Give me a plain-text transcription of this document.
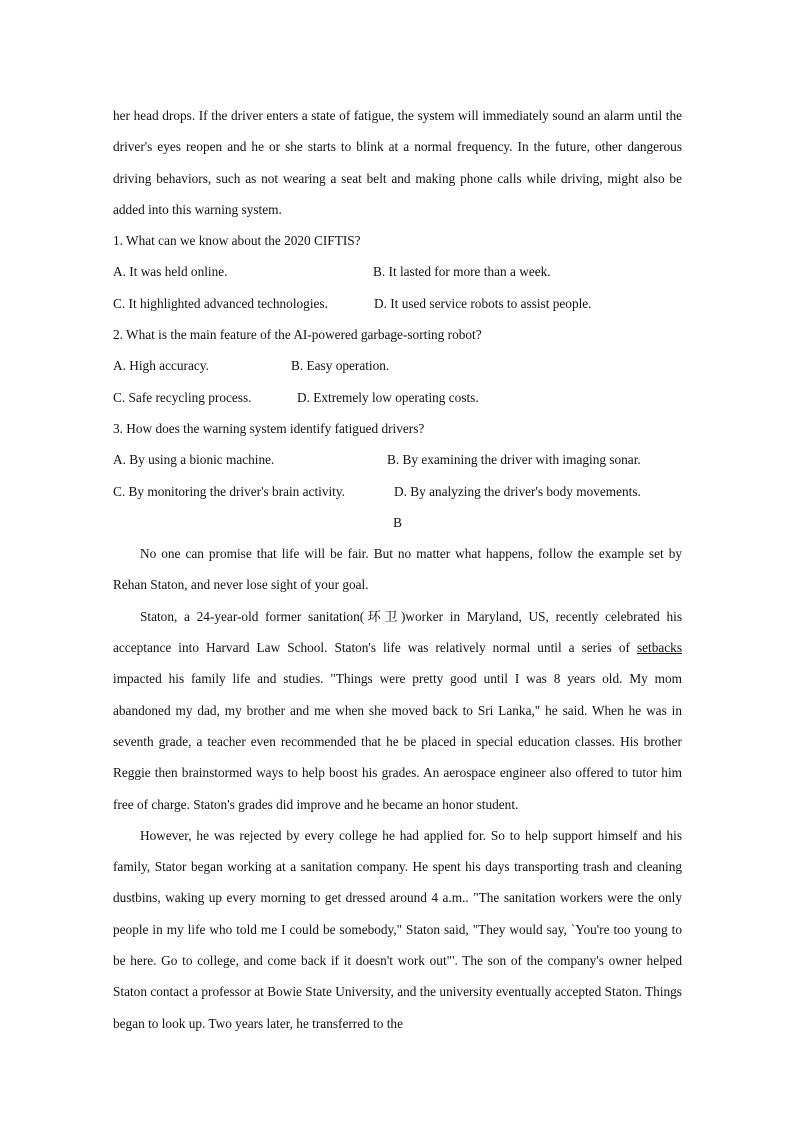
her head drops. If the driver enters a state of fatigue, the system will immediately sound an alarm until the driver's eyes reopen and he or she starts to blink at a normal frequency. In the future, other dangerous driving behaviors, such as not wearing a seat belt and making phone calls while driving, might also be added into this warning system.

1. What can we know about the 2020 CIFTIS?

A. It was held online.	B. It lasted for more than a week.
C. It highlighted advanced technologies.	D. It used service robots to assist people.

2. What is the main feature of the AI-powered garbage-sorting robot?

A. High accuracy.	B. Easy operation.
C. Safe recycling process.	D. Extremely low operating costs.

3. How does the warning system identify fatigued drivers?

A. By using a bionic machine.	B. By examining the driver with imaging sonar.
C. By monitoring the driver's brain activity.	D. By analyzing the driver's body movements.

B

No one can promise that life will be fair. But no matter what happens, follow the example set by Rehan Staton, and never lose sight of your goal.

Staton, a 24-year-old former sanitation(环卫)worker in Maryland, US, recently celebrated his acceptance into Harvard Law School. Staton's life was relatively normal until a series of setbacks impacted his family life and studies. "Things were pretty good until I was 8 years old. My mom abandoned my dad, my brother and me when she moved back to Sri Lanka," he said. When he was in seventh grade, a teacher even recommended that he be placed in special education classes. His brother Reggie then brainstormed ways to help boost his grades. An aerospace engineer also offered to tutor him free of charge. Staton's grades did improve and he became an honor student.

However, he was rejected by every college he had applied for. So to help support himself and his family, Stator began working at a sanitation company. He spent his days transporting trash and cleaning dustbins, waking up every morning to get dressed around 4 a.m.. "The sanitation workers were the only people in my life who told me I could be somebody," Staton said, "They would say, `You're too young to be here. Go to college, and come back if it doesn't work out"'. The son of the company's owner helped Staton contact a professor at Bowie State University, and the university eventually accepted Staton. Things began to look up. Two years later, he transferred to the
